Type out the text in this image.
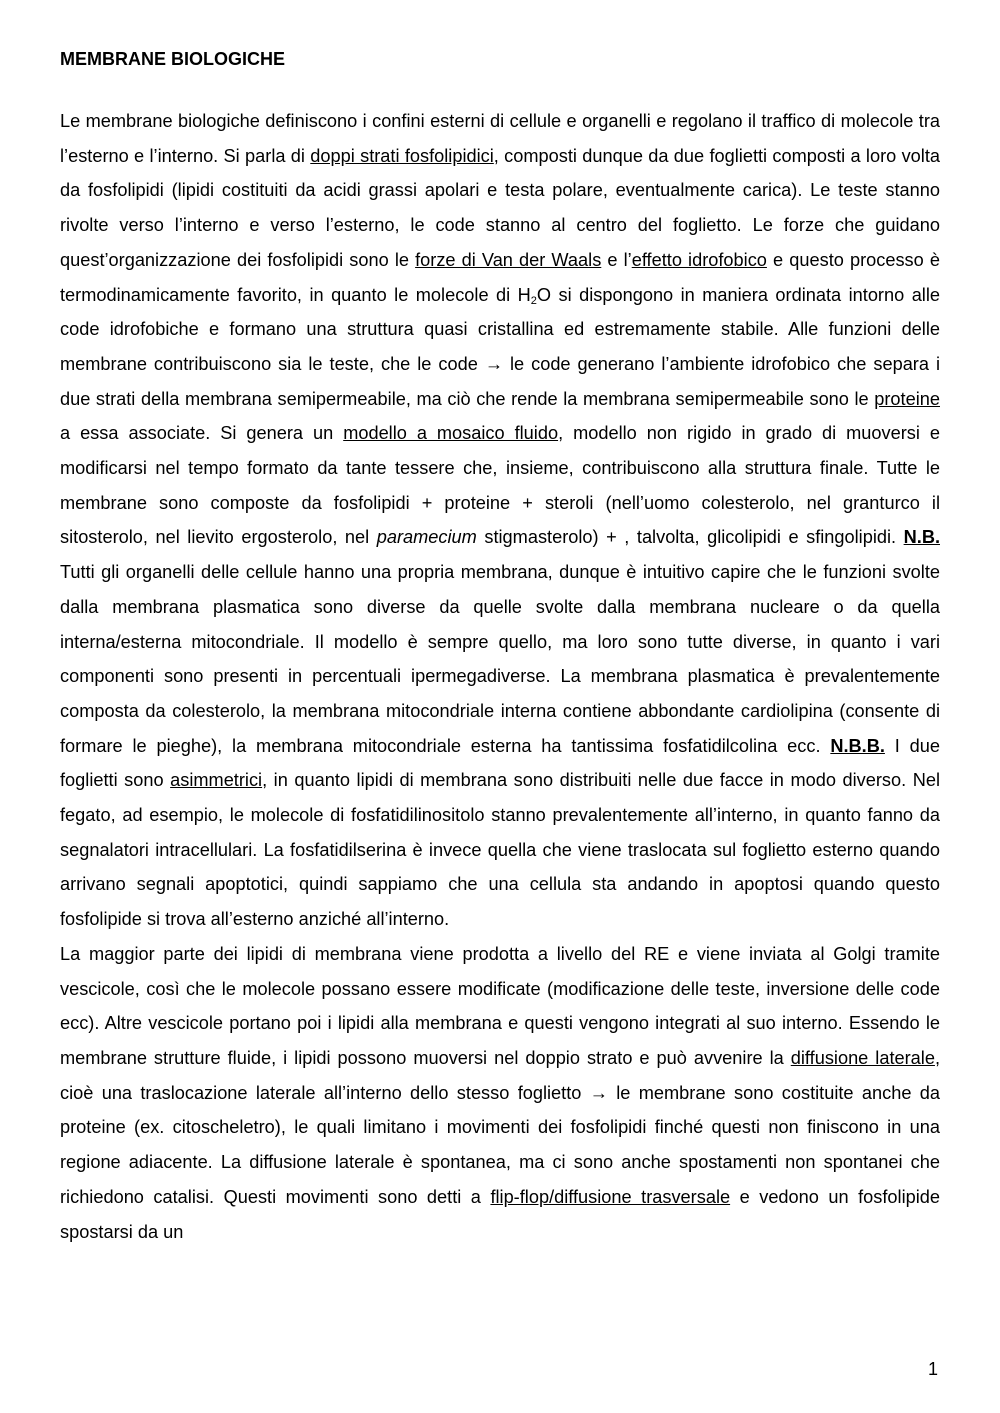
MEMBRANE BIOLOGICHE

Le membrane biologiche definiscono i confini esterni di cellule e organelli e regolano il traffico di molecole tra l’esterno e l’interno. Si parla di doppi strati fosfolipidici, composti dunque da due foglietti composti a loro volta da fosfolipidi (lipidi costituiti da acidi grassi apolari e testa polare, eventualmente carica). Le teste stanno rivolte verso l’interno e verso l’esterno, le code stanno al centro del foglietto. Le forze che guidano quest’organizzazione dei fosfolipidi sono le forze di Van der Waals e l’effetto idrofobico e questo processo è termodinamicamente favorito, in quanto le molecole di $H_2O$ si dispongono in maniera ordinata intorno alle code idrofobiche e formano una struttura quasi cristallina ed estremamente stabile. Alle funzioni delle membrane contribuiscono sia le teste, che le code → le code generano l’ambiente idrofobico che separa i due strati della membrana semipermeabile, ma ciò che rende la membrana semipermeabile sono le proteine a essa associate. Si genera un modello a mosaico fluido, modello non rigido in grado di muoversi e modificarsi nel tempo formato da tante tessere che, insieme, contribuiscono alla struttura finale. Tutte le membrane sono composte da fosfolipidi + proteine + steroli (nell’uomo colesterolo, nel granturco il sitosterolo, nel lievito ergosterolo, nel paramecium stigmasterolo) + , talvolta, glicolipidi e sfingolipidi. N.B. Tutti gli organelli delle cellule hanno una propria membrana, dunque è intuitivo capire che le funzioni svolte dalla membrana plasmatica sono diverse da quelle svolte dalla membrana nucleare o da quella interna/esterna mitocondriale. Il modello è sempre quello, ma loro sono tutte diverse, in quanto i vari componenti sono presenti in percentuali ipermegadiverse. La membrana plasmatica è prevalentemente composta da colesterolo, la membrana mitocondriale interna contiene abbondante cardiolipina (consente di formare le pieghe), la membrana mitocondriale esterna ha tantissima fosfatidilcolina ecc. N.B.B. I due foglietti sono asimmetrici, in quanto lipidi di membrana sono distribuiti nelle due facce in modo diverso. Nel fegato, ad esempio, le molecole di fosfatidilinositolo stanno prevalentemente all’interno, in quanto fanno da segnalatori intracellulari. La fosfatidilserina è invece quella che viene traslocata sul foglietto esterno quando arrivano segnali apoptotici, quindi sappiamo che una cellula sta andando in apoptosi quando questo fosfolipide si trova all’esterno anziché all’interno.

La maggior parte dei lipidi di membrana viene prodotta a livello del RE e viene inviata al Golgi tramite vescicole, così che le molecole possano essere modificate (modificazione delle teste, inversione delle code ecc). Altre vescicole portano poi i lipidi alla membrana e questi vengono integrati al suo interno. Essendo le membrane strutture fluide, i lipidi possono muoversi nel doppio strato e può avvenire la diffusione laterale, cioè una traslocazione laterale all’interno dello stesso foglietto → le membrane sono costituite anche da proteine (ex. citoscheletro), le quali limitano i movimenti dei fosfolipidi finché questi non finiscono in una regione adiacente. La diffusione laterale è spontanea, ma ci sono anche spostamenti non spontanei che richiedono catalisi. Questi movimenti sono detti a flip-flop/diffusione trasversale e vedono un fosfolipide spostarsi da un

1
